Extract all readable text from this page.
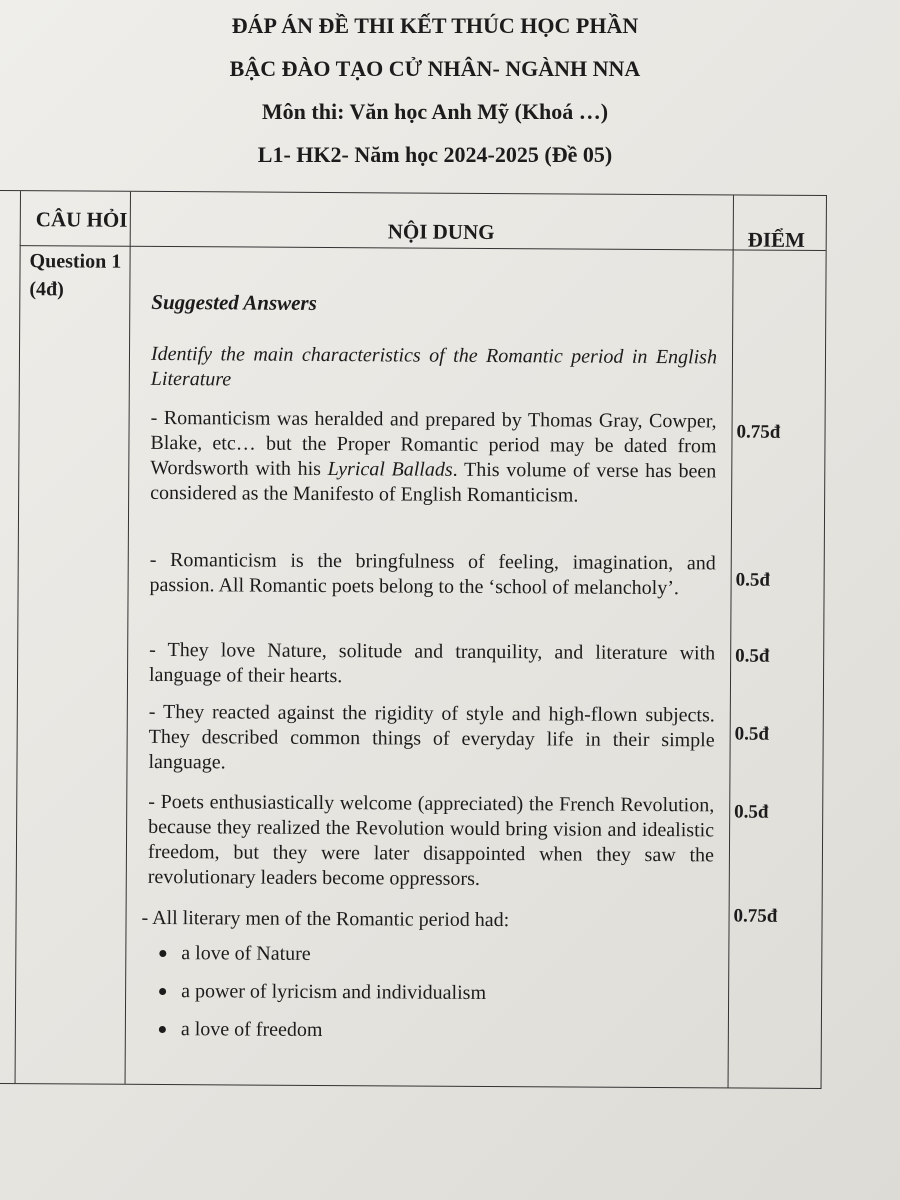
ĐÁP ÁN ĐỀ THI KẾT THÚC HỌC PHẦN
BẬC ĐÀO TẠO CỬ NHÂN- NGÀNH NNA
Môn thi: Văn học Anh Mỹ (Khoá …)
L1- HK2- Năm học 2024-2025 (Đề 05)
CÂU HỎI	NỘI DUNG	ĐIỂM
Question 1
(4đ)

Suggested Answers

Identify the main characteristics of the Romantic period in English Literature

- Romanticism was heralded and prepared by Thomas Gray, Cowper, Blake, etc… but the Proper Romantic period may be dated from Wordsworth with his Lyrical Ballads. This volume of verse has been considered as the Manifesto of English Romanticism.

0.75đ

- Romanticism is the bringfulness of feeling, imagination, and passion. All Romantic poets belong to the ‘school of melancholy’.	0.5đ

- They love Nature, solitude and tranquility, and literature with language of their hearts.

0.5đ

- They reacted against the rigidity of style and high-flown subjects. They described common things of everyday life in their simple language.

0.5đ

- Poets enthusiastically welcome (appreciated) the French Revolution, because they realized the Revolution would bring vision and idealistic freedom, but they were later disappointed when they saw the revolutionary leaders become oppressors.

0.5đ

- All literary men of the Romantic period had:	0.75đ
a love of Nature
a power of lyricism and individualism
a love of freedom
